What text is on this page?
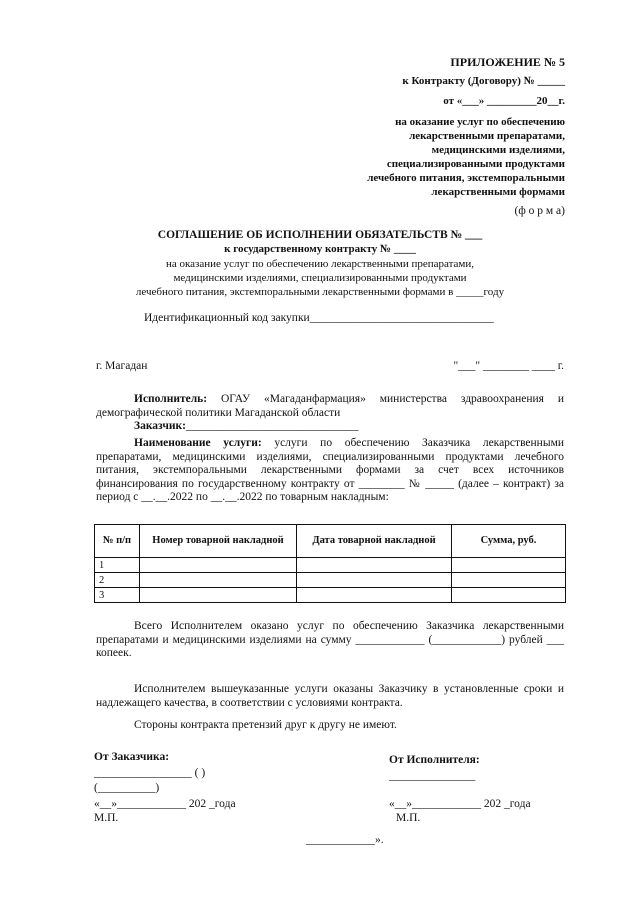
ПРИЛОЖЕНИЕ № 5
к Контракту (Договору) № _____
от «___» _________20__г.
на оказание услуг по обеспечению
лекарственными препаратами,
медицинскими изделиями,
специализированными продуктами
лечебного питания, экстемпоральными
лекарственными формами
(ф о р м а)
СОГЛАШЕНИЕ ОБ ИСПОЛНЕНИИ ОБЯЗАТЕЛЬСТВ № ___
к государственному контракту № ____
на оказание услуг по обеспечению лекарственными препаратами,
медицинскими изделиями, специализированными продуктами
лечебного питания, экстемпоральными лекарственными формами в _____году
Идентификационный код закупки________________________________
г. Магадан	"___" ________ ____ г.
Исполнитель: ОГАУ «Магаданфармация» министерства здравоохранения и демографической политики Магаданской области
Заказчик:______________________________
Наименование услуги: услуги по обеспечению Заказчика лекарственными препаратами, медицинскими изделиями, специализированными продуктами лечебного питания, экстемпоральными лекарственными формами за счет всех источников финансирования по государственному контракту от ________ № _____ (далее – контракт) за период с __.__.2022 по __.__.2022 по товарным накладным:
№ п/п	Номер товарной накладной	Дата товарной накладной	Сумма, руб.
1			
2			
3			
Всего Исполнителем оказано услуг по обеспечению Заказчика лекарственными препаратами и медицинскими изделиями на сумму ____________ (____________) рублей ___ копеек.
Исполнителем вышеуказанные услуги оказаны Заказчику в установленные сроки и надлежащего качества, в соответствии с условиями контракта.
Стороны контракта претензий друг к другу не имеют.
От Заказчика:
_________________ ( )
(__________)
«__»____________ 202 _года
М.П.
От Исполнителя:
_______________
«__»____________ 202 _года
М.П.
____________».
